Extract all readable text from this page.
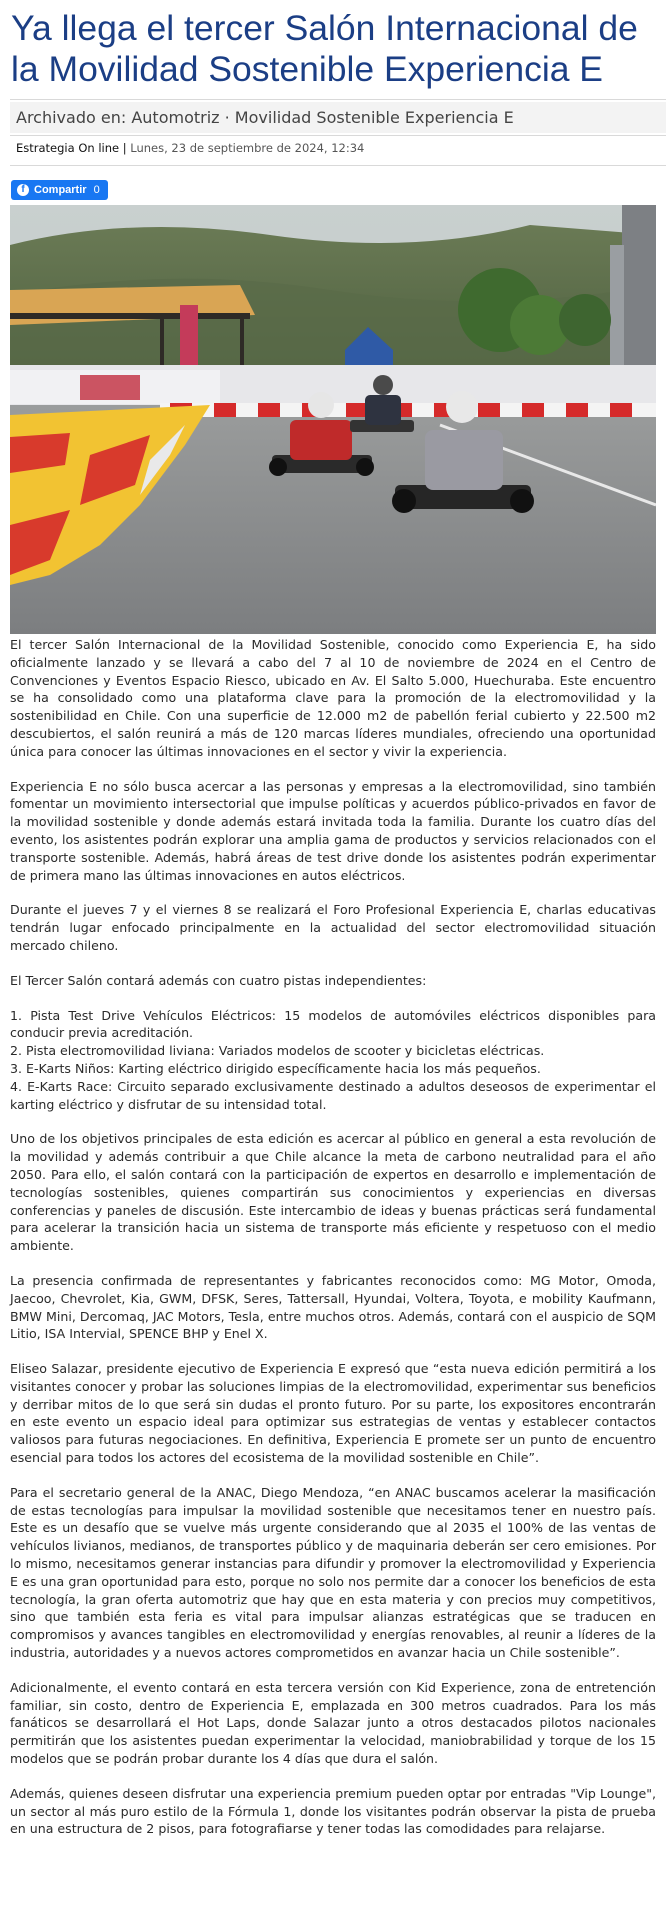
Ya llega el tercer Salón Internacional de la Movilidad Sostenible Experiencia E
Archivado en: Automotriz · Movilidad Sostenible Experiencia E
Estrategia On line | Lunes, 23 de septiembre de 2024, 12:34
f Compartir 0

El tercer Salón Internacional de la Movilidad Sostenible, conocido como Experiencia E, ha sido oficialmente lanzado y se llevará a cabo del 7 al 10 de noviembre de 2024 en el Centro de Convenciones y Eventos Espacio Riesco, ubicado en Av. El Salto 5.000, Huechuraba. Este encuentro se ha consolidado como una plataforma clave para la promoción de la electromovilidad y la sostenibilidad en Chile. Con una superficie de 12.000 m2 de pabellón ferial cubierto y 22.500 m2 descubiertos, el salón reunirá a más de 120 marcas líderes mundiales, ofreciendo una oportunidad única para conocer las últimas innovaciones en el sector y vivir la experiencia.

Experiencia E no sólo busca acercar a las personas y empresas a la electromovilidad, sino también fomentar un movimiento intersectorial que impulse políticas y acuerdos público-privados en favor de la movilidad sostenible y donde además estará invitada toda la familia. Durante los cuatro días del evento, los asistentes podrán explorar una amplia gama de productos y servicios relacionados con el transporte sostenible. Además, habrá áreas de test drive donde los asistentes podrán experimentar de primera mano las últimas innovaciones en autos eléctricos.

Durante el jueves 7 y el viernes 8 se realizará el Foro Profesional Experiencia E, charlas educativas tendrán lugar enfocado principalmente en la actualidad del sector electromovilidad situación mercado chileno.

El Tercer Salón contará además con cuatro pistas independientes:

1. Pista Test Drive Vehículos Eléctricos: 15 modelos de automóviles eléctricos disponibles para conducir previa acreditación.

2. Pista electromovilidad liviana: Variados modelos de scooter y bicicletas eléctricas.

3. E-Karts Niños: Karting eléctrico dirigido específicamente hacia los más pequeños.

4. E-Karts Race: Circuito separado exclusivamente destinado a adultos deseosos de experimentar el karting eléctrico y disfrutar de su intensidad total.

Uno de los objetivos principales de esta edición es acercar al público en general a esta revolución de la movilidad y además contribuir a que Chile alcance la meta de carbono neutralidad para el año 2050. Para ello, el salón contará con la participación de expertos en desarrollo e implementación de tecnologías sostenibles, quienes compartirán sus conocimientos y experiencias en diversas conferencias y paneles de discusión. Este intercambio de ideas y buenas prácticas será fundamental para acelerar la transición hacia un sistema de transporte más eficiente y respetuoso con el medio ambiente.

La presencia confirmada de representantes y fabricantes reconocidos como: MG Motor, Omoda, Jaecoo, Chevrolet, Kia, GWM, DFSK, Seres, Tattersall, Hyundai, Voltera, Toyota, e mobility Kaufmann, BMW Mini, Dercomaq, JAC Motors, Tesla, entre muchos otros. Además, contará con el auspicio de SQM Litio, ISA Intervial, SPENCE BHP y Enel X.

Eliseo Salazar, presidente ejecutivo de Experiencia E expresó que “esta nueva edición permitirá a los visitantes conocer y probar las soluciones limpias de la electromovilidad, experimentar sus beneficios y derribar mitos de lo que será sin dudas el pronto futuro. Por su parte, los expositores encontrarán en este evento un espacio ideal para optimizar sus estrategias de ventas y establecer contactos valiosos para futuras negociaciones. En definitiva, Experiencia E promete ser un punto de encuentro esencial para todos los actores del ecosistema de la movilidad sostenible en Chile”.

Para el secretario general de la ANAC, Diego Mendoza, “en ANAC buscamos acelerar la masificación de estas tecnologías para impulsar la movilidad sostenible que necesitamos tener en nuestro país. Este es un desafío que se vuelve más urgente considerando que al 2035 el 100% de las ventas de vehículos livianos, medianos, de transportes público y de maquinaria deberán ser cero emisiones. Por lo mismo, necesitamos generar instancias para difundir y promover la electromovilidad y Experiencia E es una gran oportunidad para esto, porque no solo nos permite dar a conocer los beneficios de esta tecnología, la gran oferta automotriz que hay que en esta materia y con precios muy competitivos, sino que también esta feria es vital para impulsar alianzas estratégicas que se traducen en compromisos y avances tangibles en electromovilidad y energías renovables, al reunir a líderes de la industria, autoridades y a nuevos actores comprometidos en avanzar hacia un Chile sostenible”.

Adicionalmente, el evento contará en esta tercera versión con Kid Experience, zona de entretención familiar, sin costo, dentro de Experiencia E, emplazada en 300 metros cuadrados. Para los más fanáticos se desarrollará el Hot Laps, donde Salazar junto a otros destacados pilotos nacionales permitirán que los asistentes puedan experimentar la velocidad, maniobrabilidad y torque de los 15 modelos que se podrán probar durante los 4 días que dura el salón.

Además, quienes deseen disfrutar una experiencia premium pueden optar por entradas "Vip Lounge", un sector al más puro estilo de la Fórmula 1, donde los visitantes podrán observar la pista de prueba en una estructura de 2 pisos, para fotografiarse y tener todas las comodidades para relajarse.
